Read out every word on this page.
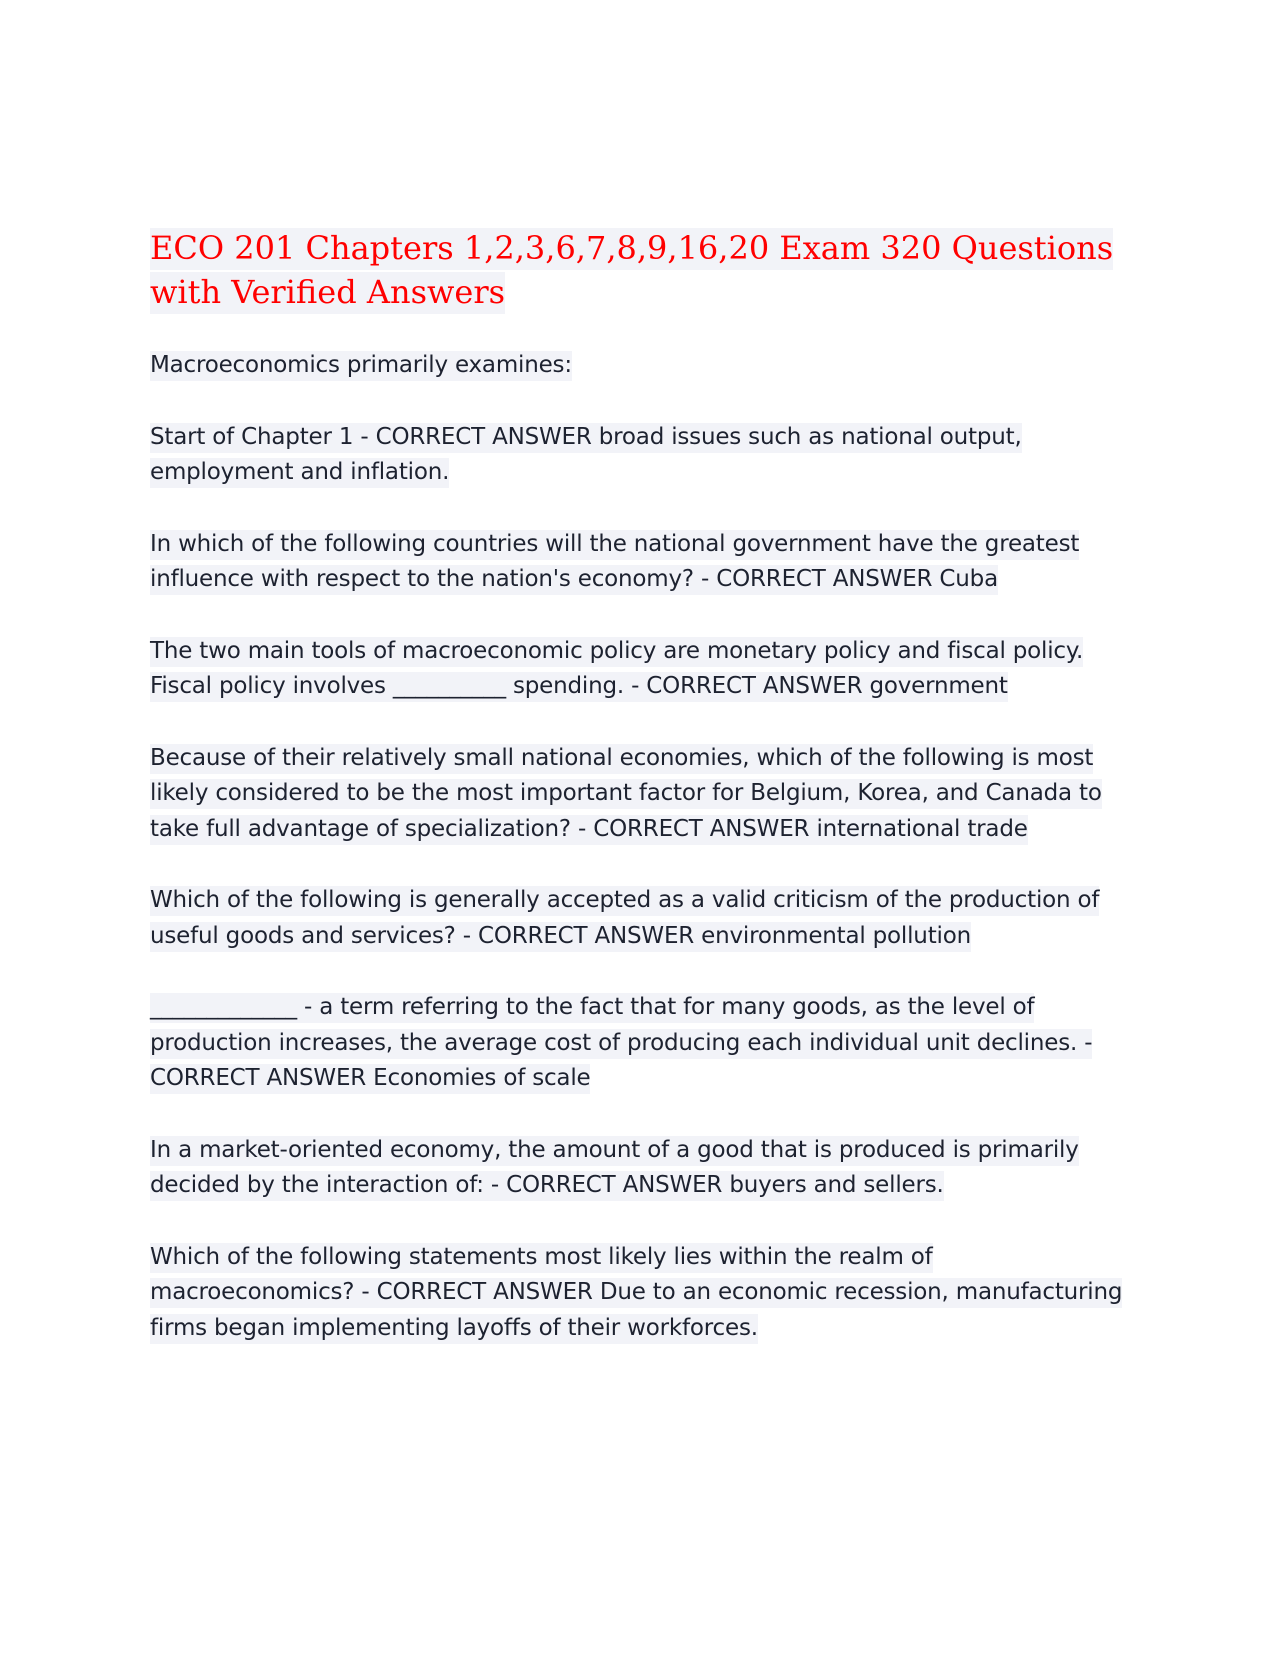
ECO 201 Chapters 1,2,3,6,7,8,9,16,20 Exam 320 Questions with Verified Answers

Macroeconomics primarily examines:

Start of Chapter 1 - CORRECT ANSWER broad issues such as national output, employment and inflation.

In which of the following countries will the national government have the greatest influence with respect to the nation's economy? - CORRECT ANSWER Cuba

The two main tools of macroeconomic policy are monetary policy and fiscal policy. Fiscal policy involves __________ spending. - CORRECT ANSWER government

Because of their relatively small national economies, which of the following is most likely considered to be the most important factor for Belgium, Korea, and Canada to take full advantage of specialization? - CORRECT ANSWER international trade

Which of the following is generally accepted as a valid criticism of the production of useful goods and services? - CORRECT ANSWER environmental pollution

_____________ - a term referring to the fact that for many goods, as the level of production increases, the average cost of producing each individual unit declines. - CORRECT ANSWER Economies of scale

In a market-oriented economy, the amount of a good that is produced is primarily decided by the interaction of: - CORRECT ANSWER buyers and sellers.

Which of the following statements most likely lies within the realm of macroeconomics? - CORRECT ANSWER Due to an economic recession, manufacturing firms began implementing layoffs of their workforces.
